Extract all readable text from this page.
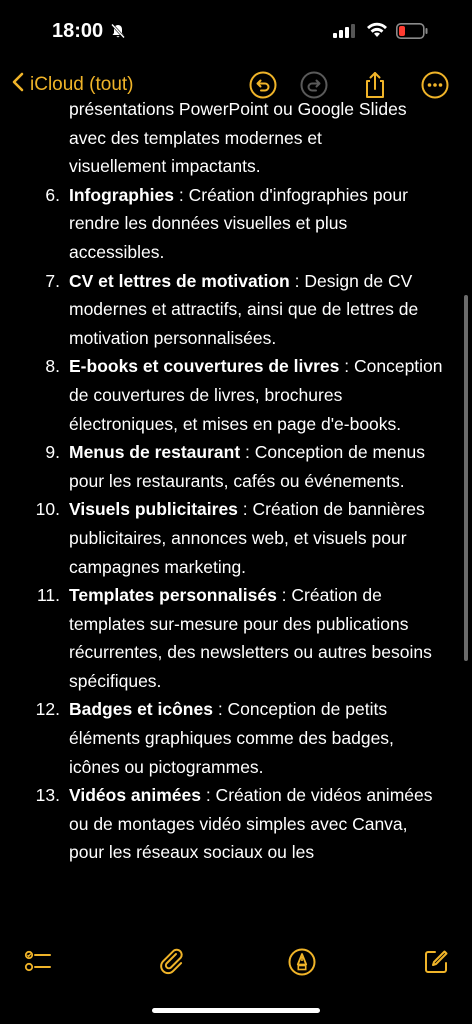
18:00
iCloud (tout)
présentations PowerPoint ou Google Slides
avec des templates modernes et
visuellement impactants.
6. Infographies : Création d'infographies pour rendre les données visuelles et plus accessibles.
7. CV et lettres de motivation : Design de CV modernes et attractifs, ainsi que de lettres de motivation personnalisées.
8. E-books et couvertures de livres : Conception de couvertures de livres, brochures électroniques, et mises en page d'e-books.
9. Menus de restaurant : Conception de menus pour les restaurants, cafés ou événements.
10. Visuels publicitaires : Création de bannières publicitaires, annonces web, et visuels pour campagnes marketing.
11. Templates personnalisés : Création de templates sur-mesure pour des publications récurrentes, des newsletters ou autres besoins spécifiques.
12. Badges et icônes : Conception de petits éléments graphiques comme des badges, icônes ou pictogrammes.
13. Vidéos animées : Création de vidéos animées ou de montages vidéo simples avec Canva, pour les réseaux sociaux ou les
